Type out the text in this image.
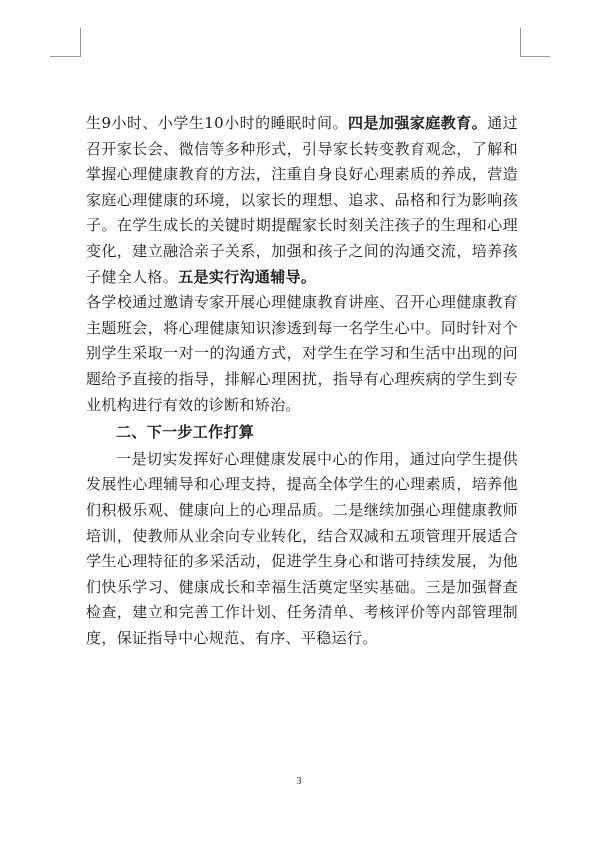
生9小时、小学生10小时的睡眠时间。四是加强家庭教育。通过召开家长会、微信等多种形式，引导家长转变教育观念，了解和掌握心理健康教育的方法，注重自身良好心理素质的养成，营造家庭心理健康的环境，以家长的理想、追求、品格和行为影响孩子。在学生成长的关键时期提醒家长时刻关注孩子的生理和心理变化，建立融洽亲子关系，加强和孩子之间的沟通交流，培养孩子健全人格。五是实行沟通辅导。

各学校通过邀请专家开展心理健康教育讲座、召开心理健康教育主题班会，将心理健康知识渗透到每一名学生心中。同时针对个别学生采取一对一的沟通方式，对学生在学习和生活中出现的问题给予直接的指导，排解心理困扰，指导有心理疾病的学生到专业机构进行有效的诊断和矫治。

二、下一步工作打算

一是切实发挥好心理健康发展中心的作用，通过向学生提供发展性心理辅导和心理支持，提高全体学生的心理素质，培养他们积极乐观、健康向上的心理品质。二是继续加强心理健康教师培训，使教师从业余向专业转化，结合双减和五项管理开展适合学生心理特征的多采活动，促进学生身心和谐可持续发展，为他们快乐学习、健康成长和幸福生活奠定坚实基础。三是加强督查检查，建立和完善工作计划、任务清单、考核评价等内部管理制度，保证指导中心规范、有序、平稳运行。

3
